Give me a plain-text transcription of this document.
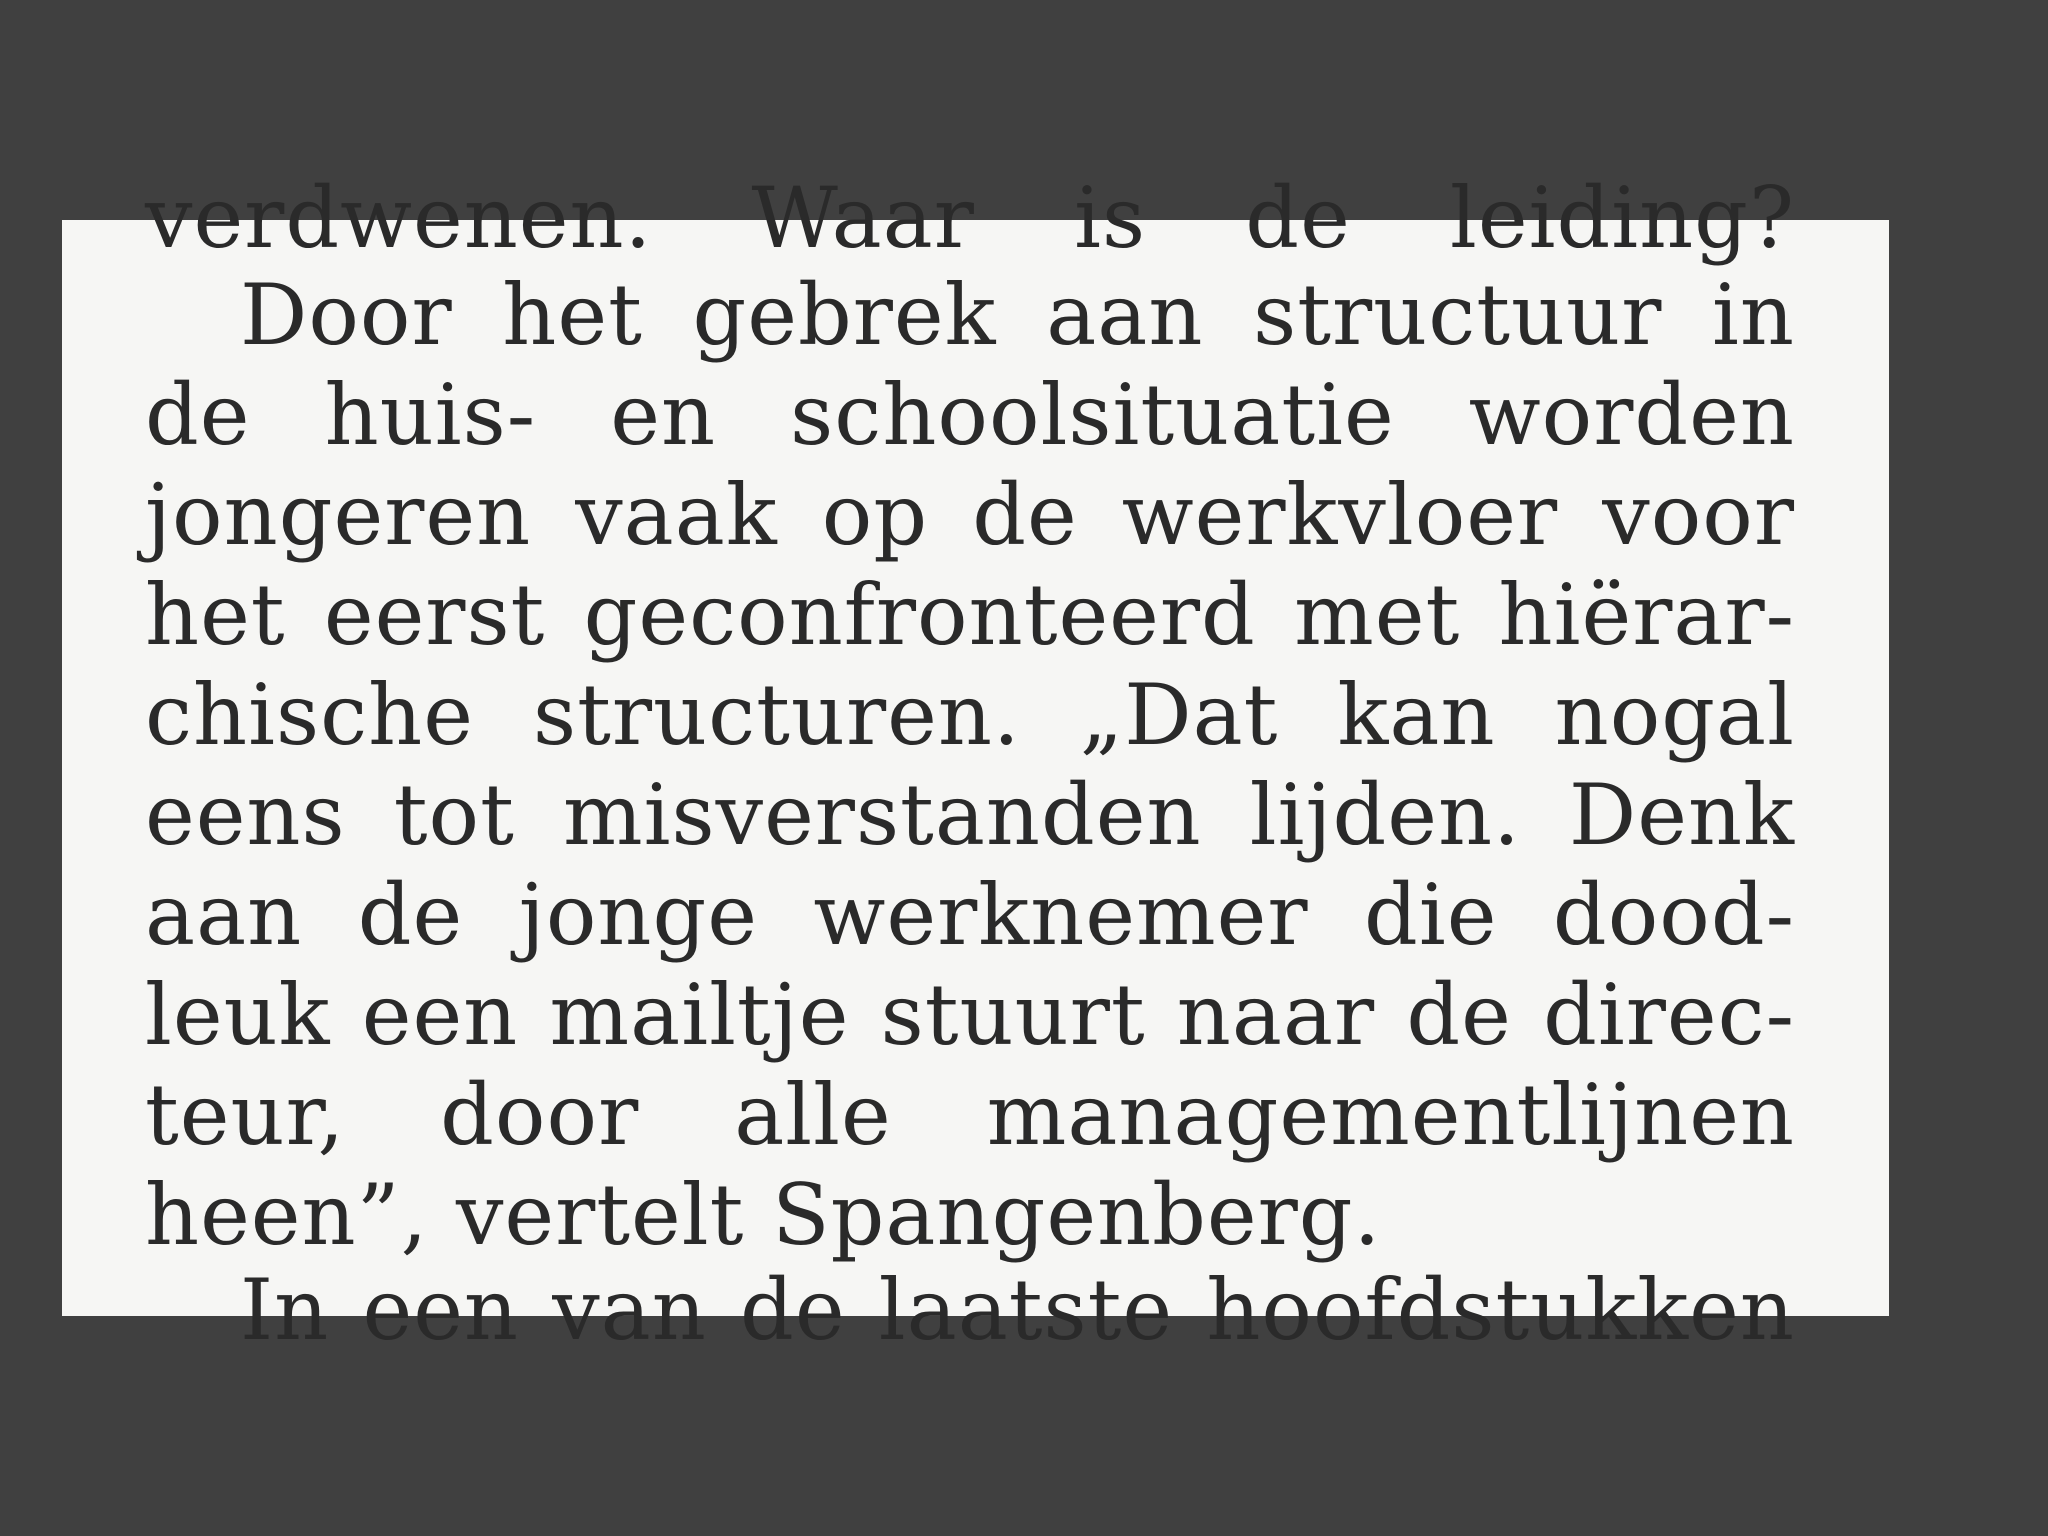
verdwenen. Waar is de leiding?
Door het gebrek aan structuur in
de huis- en schoolsituatie worden
jongeren vaak op de werkvloer voor
het eerst geconfronteerd met hiërar-
chische structuren. „Dat kan nogal
eens tot misverstanden lijden. Denk
aan de jonge werknemer die dood-
leuk een mailtje stuurt naar de direc-
teur, door alle managementlijnen
heen”, vertelt Spangenberg.
In een van de laatste hoofdstukken
